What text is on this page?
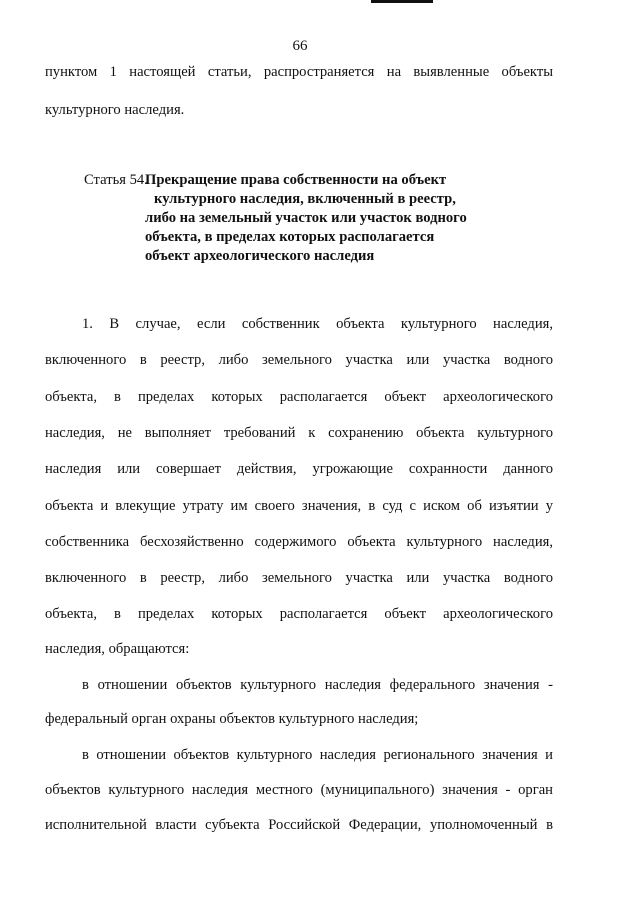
66
пунктом 1 настоящей статьи, распространяется на выявленные объекты
культурного наследия.
Статья 54.
Прекращение права собственности на объект
культурного наследия, включенный в реестр,
либо на земельный участок или участок водного
объекта, в пределах которых располагается
объект археологического наследия
1. В случае, если собственник объекта культурного наследия,
включенного в реестр, либо земельного участка или участка водного
объекта, в пределах которых располагается объект археологического
наследия, не выполняет требований к сохранению объекта культурного
наследия или совершает действия, угрожающие сохранности данного
объекта и влекущие утрату им своего значения, в суд с иском об изъятии у
собственника бесхозяйственно содержимого объекта культурного наследия,
включенного в реестр, либо земельного участка или участка водного
объекта, в пределах которых располагается объект археологического
наследия, обращаются:
в отношении объектов культурного наследия федерального значения -
федеральный орган охраны объектов культурного наследия;
в отношении объектов культурного наследия регионального значения и
объектов культурного наследия местного (муниципального) значения - орган
исполнительной власти субъекта Российской Федерации, уполномоченный в
